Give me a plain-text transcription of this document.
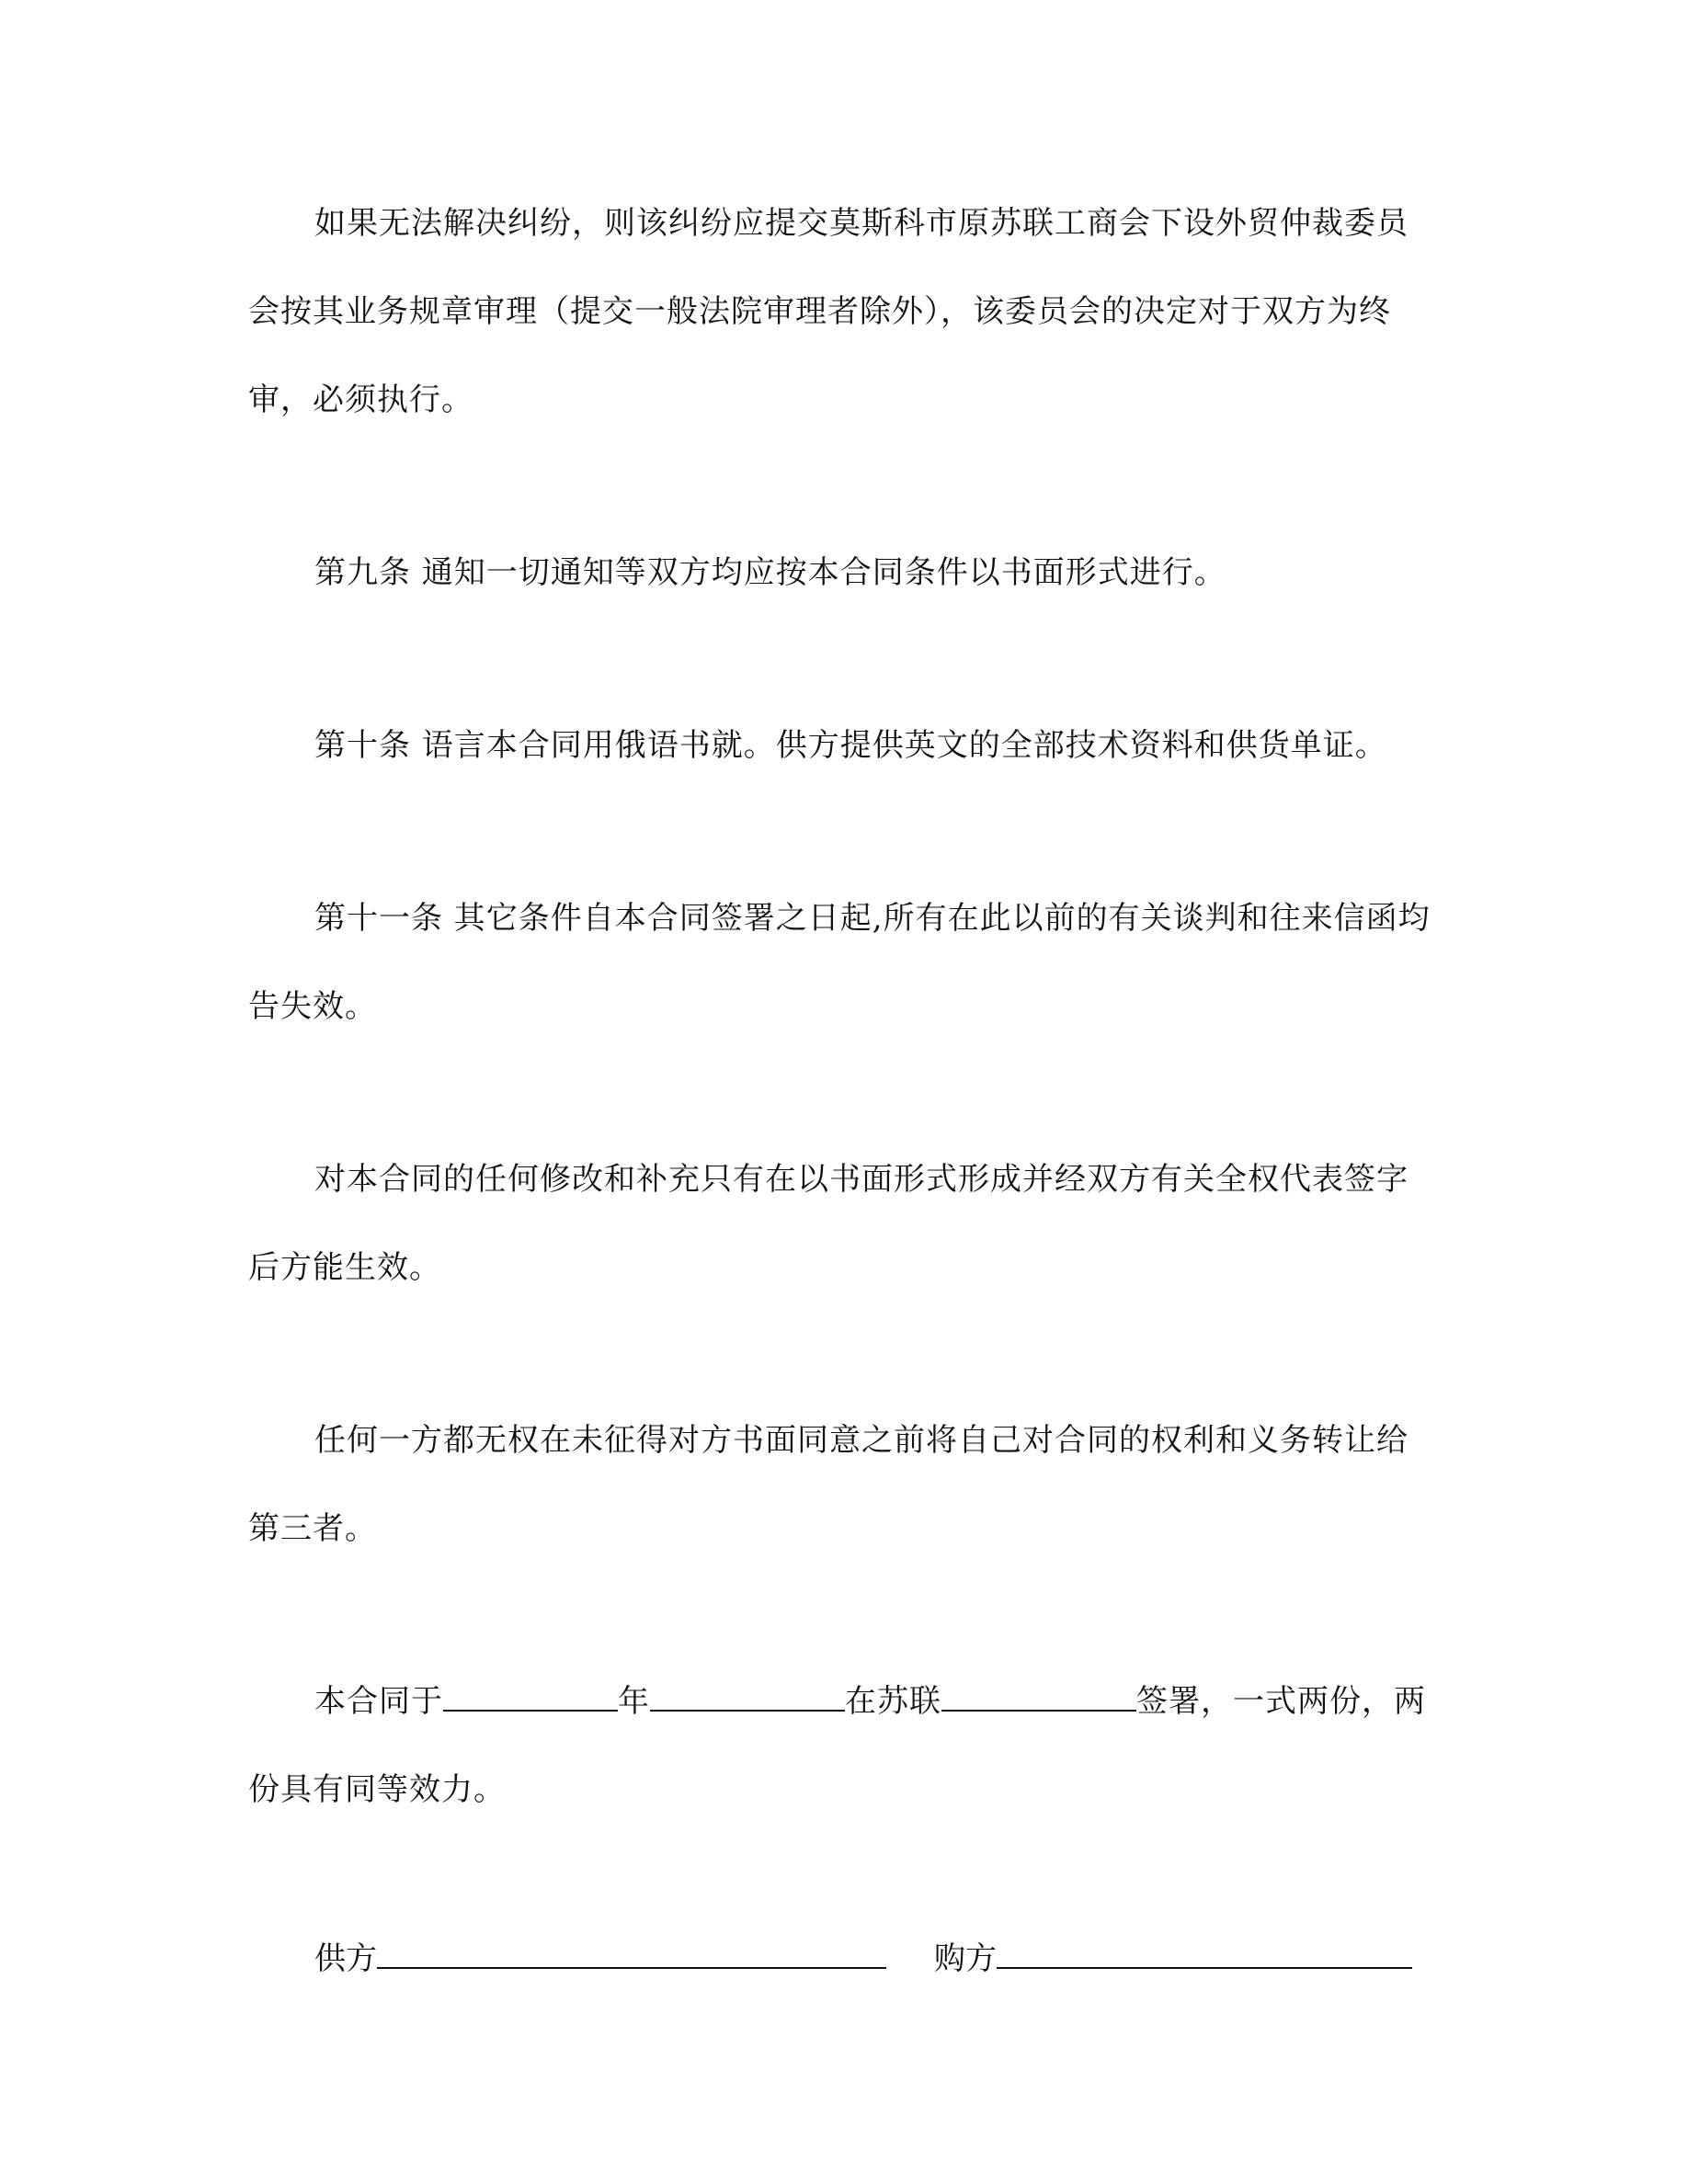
如果无法解决纠纷，则该纠纷应提交莫斯科市原苏联工商会下设外贸仲裁委员会按其业务规章审理（提交一般法院审理者除外），该委员会的决定对于双方为终审，必须执行。

第九条 通知一切通知等双方均应按本合同条件以书面形式进行。

第十条 语言本合同用俄语书就。供方提供英文的全部技术资料和供货单证。

第十一条 其它条件自本合同签署之日起,所有在此以前的有关谈判和往来信函均告失效。

对本合同的任何修改和补充只有在以书面形式形成并经双方有关全权代表签字后方能生效。

任何一方都无权在未征得对方书面同意之前将自己对合同的权利和义务转让给第三者。

本合同于	年	在苏联	签署，一式两份，两份具有同等效力。

供方	购方
